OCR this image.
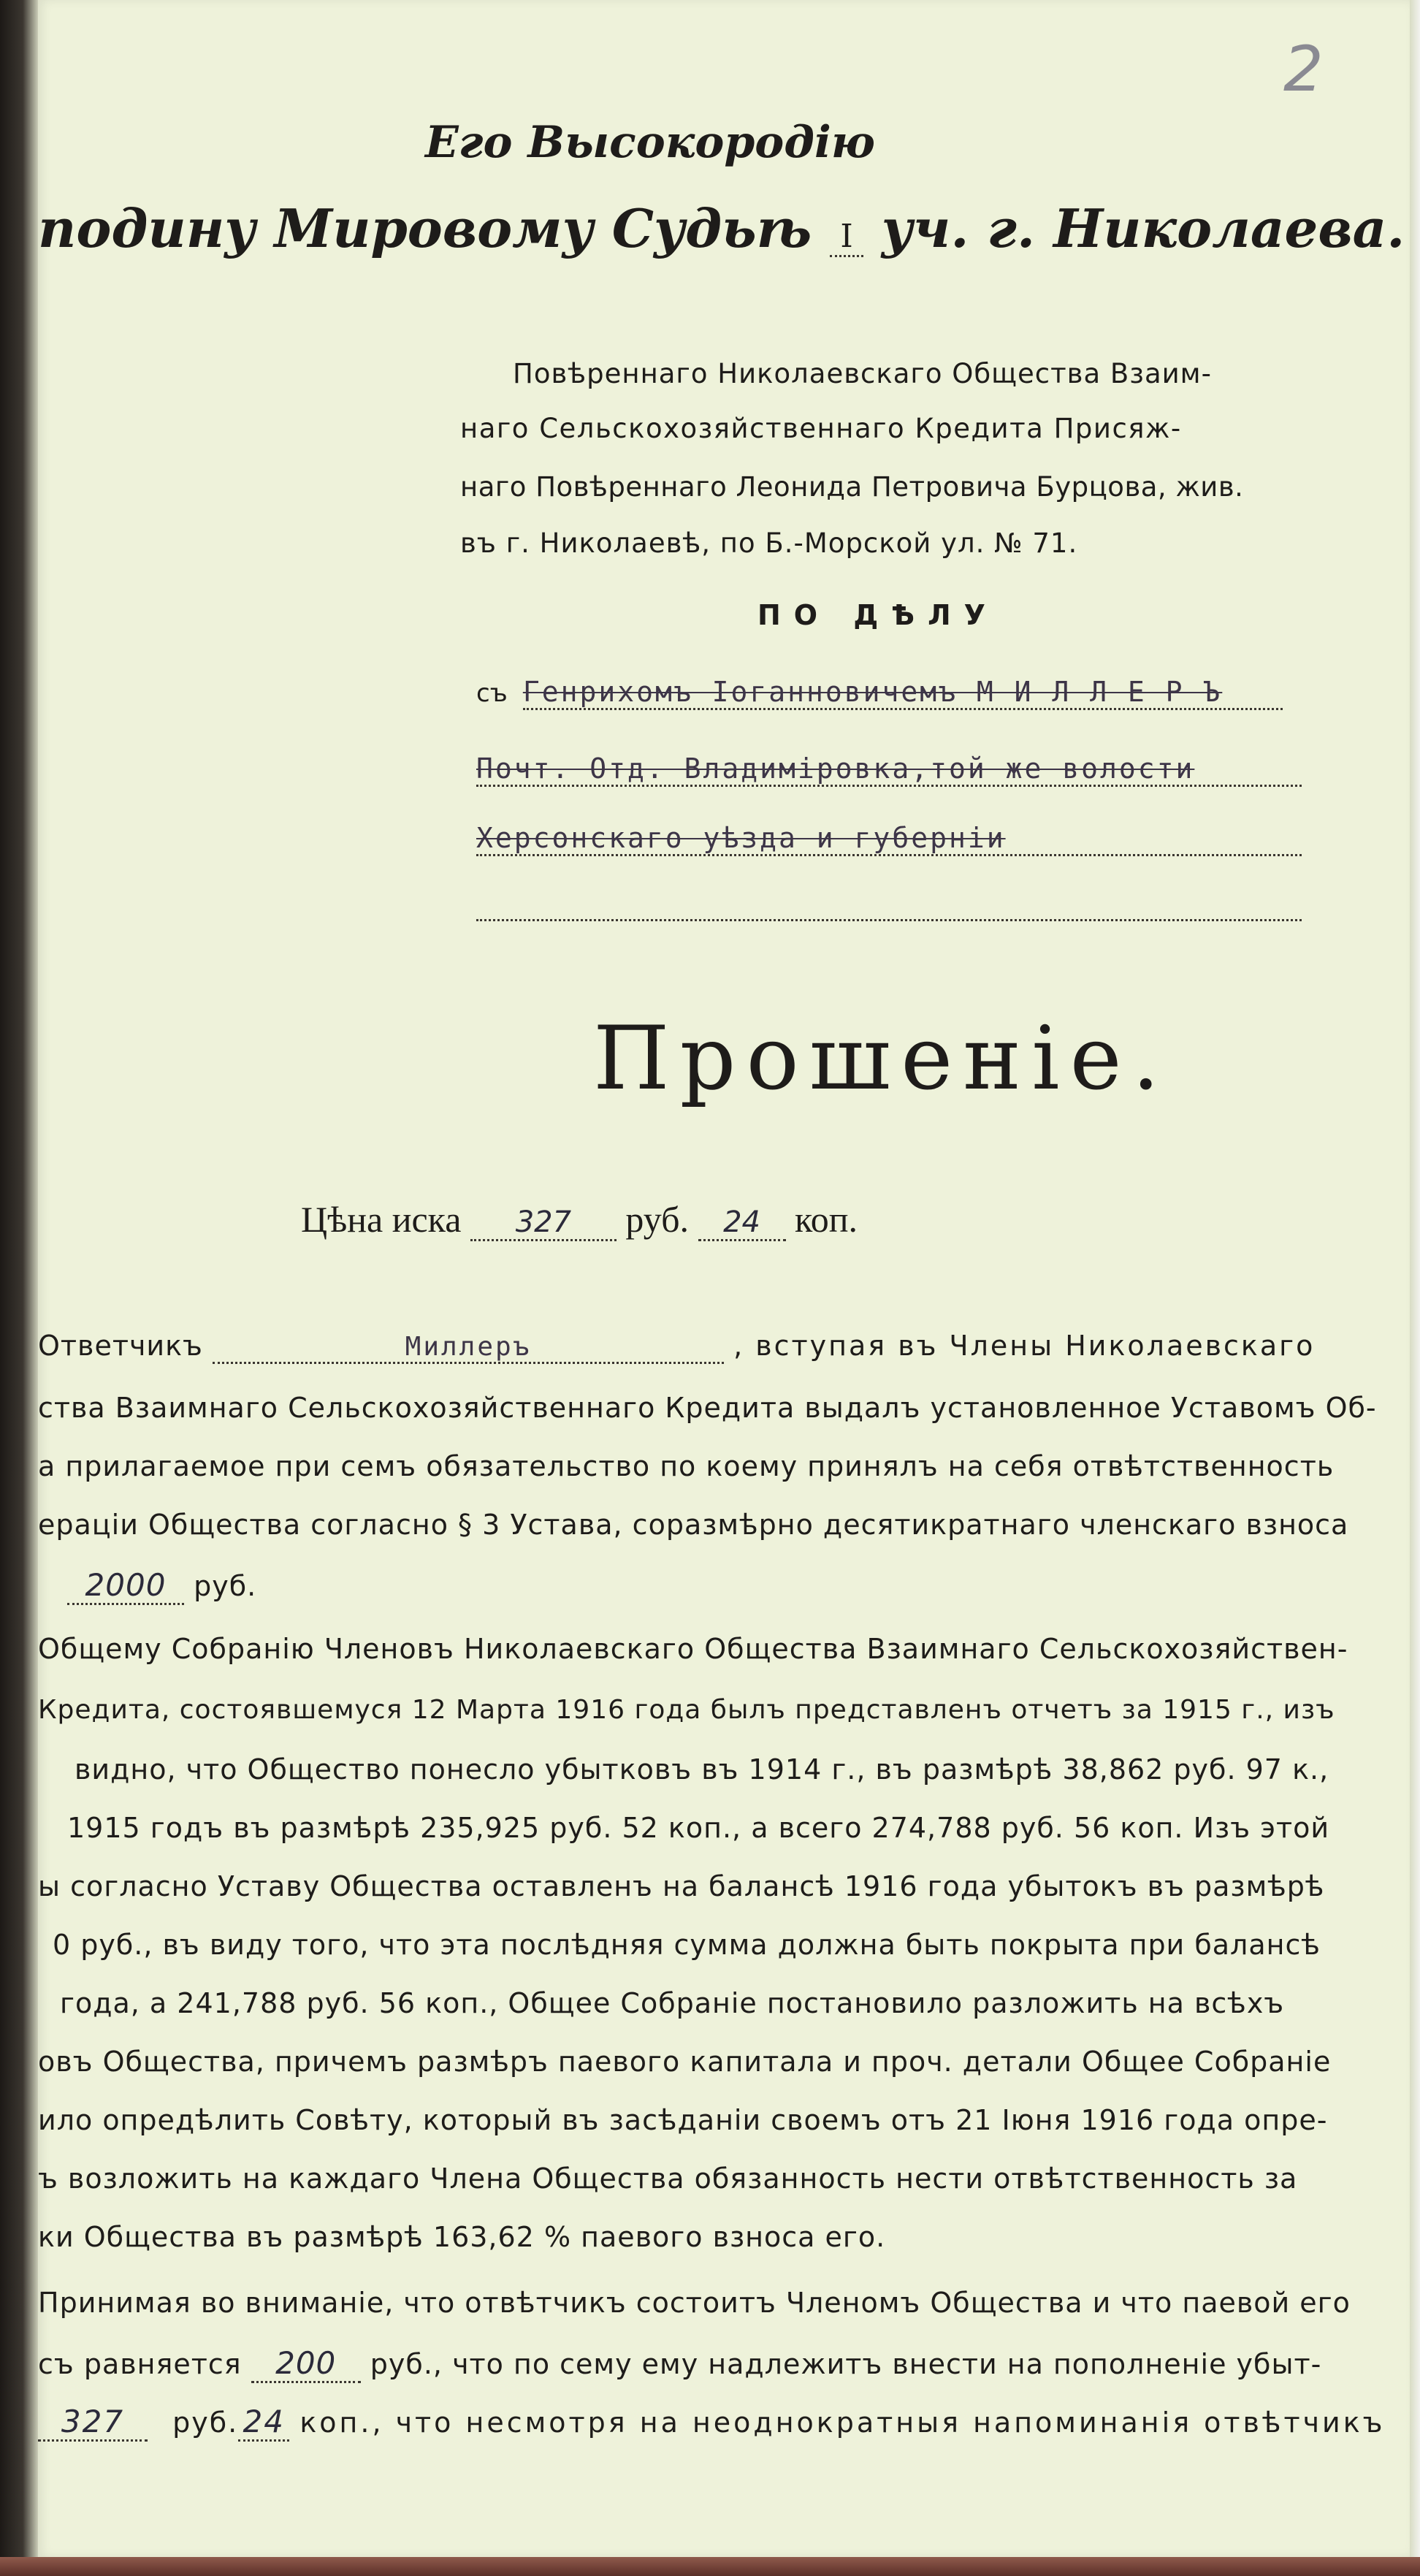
2
Его Высокородію
подину Мировому Судьѣ I уч. г. Николаева.
Повѣреннаго Николаевскаго Общества Взаим-
наго Сельскохозяйственнаго Кредита Присяж-
наго Повѣреннаго Леонида Петровича Бурцова, жив.
въ г. Николаевѣ, по Б.-Морской ул. № 71.
ПО ДѢЛУ
съ Генрихомъ Іоганновичемъ М И Л Л Е Р Ъ
Почт. Отд. Владиміровка,той же волости
Херсонскаго уѣзда и губерніи
Прошеніе.
Цѣна иска 327 руб. 24 коп.
Ответчикъ	Миллеръ	, вступая въ Члены Николаевскаго
ства Взаимнаго Сельскохозяйственнаго Кредита выдалъ установленное Уставомъ Об-
а прилагаемое при семъ обязательство по коему принялъ на себя отвѣтственность
ераціи Общества согласно § 3 Устава, соразмѣрно десятикратнаго членскаго взноса
2000 руб.
Общему Собранію Членовъ Николаевскаго Общества Взаимнаго Сельскохозяйствен-
Кредита, состоявшемуся 12 Марта 1916 года былъ представленъ отчетъ за 1915 г., изъ
видно, что Общество понесло убытковъ въ 1914 г., въ размѣрѣ 38,862 руб. 97 к.,
1915 годъ въ размѣрѣ 235,925 руб. 52 коп., а всего 274,788 руб. 56 коп. Изъ этой
ы согласно Уставу Общества оставленъ на балансѣ 1916 года убытокъ въ размѣрѣ
0 руб., въ виду того, что эта послѣдняя сумма должна быть покрыта при балансѣ
года, а 241,788 руб. 56 коп., Общее Собраніе постановило разложить на всѣхъ
овъ Общества, причемъ размѣръ паевого капитала и проч. детали Общее Собраніе
ило опредѣлить Совѣту, который въ засѣданіи своемъ отъ 21 Іюня 1916 года опре-
ъ возложить на каждаго Члена Общества обязанность нести отвѣтственность за
ки Общества въ размѣрѣ 163,62 % паевого взноса его.
Принимая во вниманіе, что отвѣтчикъ состоитъ Членомъ Общества и что паевой его
съ равняется 200 руб., что по сему ему надлежитъ внести на пополненіе убыт-
327 руб. 24 коп., что несмотря на неоднократныя напоминанія отвѣтчикъ
